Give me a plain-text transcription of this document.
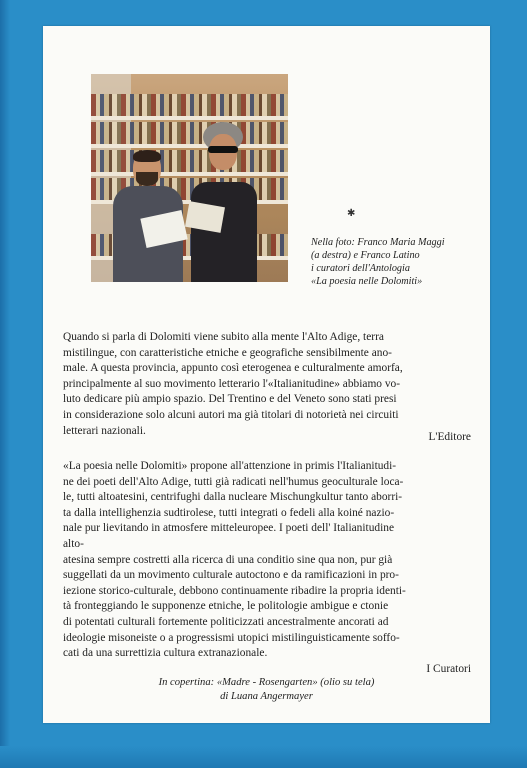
✱
Nella foto: Franco Maria Maggi
(a destra) e Franco Latino
i curatori dell'Antologia
«La poesia nelle Dolomiti»
Quando si parla di Dolomiti viene subito alla mente l'Alto Adige, terra
mistilingue, con caratteristiche etniche e geografiche sensibilmente ano-
male. A questa provincia, appunto così eterogenea e culturalmente amorfa,
principalmente al suo movimento letterario l'«Italianitudine» abbiamo vo-
luto dedicare più ampio spazio. Del Trentino e del Veneto sono stati presi
in considerazione solo alcuni autori ma già titolari di notorietà nei circuiti
letterari nazionali.
L'Editore
«La poesia nelle Dolomiti» propone all'attenzione in primis l'Italianitudi-
ne dei poeti dell'Alto Adige, tutti già radicati nell'humus geoculturale loca-
le, tutti altoatesini, centrifughi dalla nucleare Mischungkultur tanto aborri-
ta dalla intellighenzia sudtirolese, tutti integrati o fedeli alla koiné nazio-
nale pur lievitando in atmosfere mitteleuropee. I poeti dell' Italianitudine
alto-
atesina sempre costretti alla ricerca di una conditio sine qua non, pur già
suggellati da un movimento culturale autoctono e da ramificazioni in pro-
iezione storico-culturale, debbono continuamente ribadire la propria identi-
tà fronteggiando le supponenze etniche, le politologie ambigue e ctonie
di potentati culturali fortemente politicizzati ancestralmente ancorati ad
ideologie misoneiste o a progressismi utopici mistilinguisticamente soffo-
cati da una surrettizia cultura extranazionale.
I Curatori
In copertina: «Madre - Rosengarten» (olio su tela)
di Luana Angermayer
